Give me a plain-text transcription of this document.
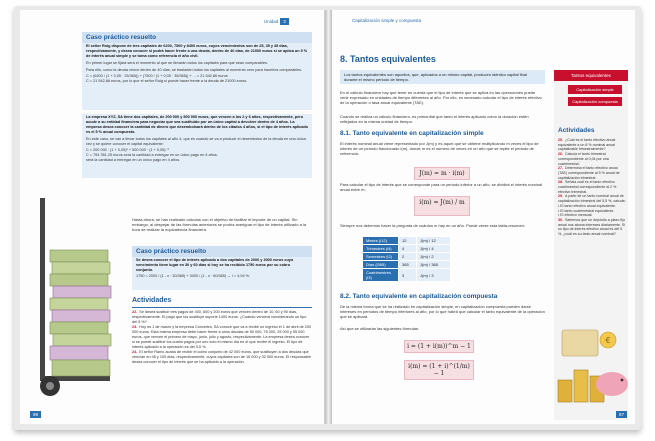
Unidad 3
Caso práctico resuelto
El señor Rolg dispone de tres capitales de 6200, 7500 y 8400 euros, cuyos vencimientos son de 25, 35 y 45 días, respectivamente, y desea conocer si podrá hacer frente a una deuda, dentro de 40 días, de 21000 euros si se aplica un 5 % de interés anual simple y se toma como referencia el año civil.
En primer lugar se fijará será el momento al que se llevarán todos los capitales para que sean comparables.
Para ello, como la deuda vence dentro de 40 días, se trasladan todos los capitales al momento cero para hacerlos comparables.
C = (6200 / (1 + 0,05 · 25/365)) + (7500 / (1 + 0,05 · 35/365)) + ... = 21 542,86 euros
C = 21 542,86 euros, por lo que el señor Roig sí puede hacer frente a la deuda de 21000 euros.
La empresa XYZ, SA tiene dos capitales, de 200 000 y 500 000 euros, que vencen a los 2 y 6 años, respectivamente, pero acude a su entidad financiera para negociar que sea sustituido por un único capital a devolver dentro de 4 años. La empresa desea conocer la cantidad de dinero que desembolsará dentro de los citados 4 años, si el tipo de interés aplicado es el 5 % anual compuesto.
En este caso, se van a llevar todos los capitales al año 4, que es cuando se va a producir el desembolso de la deuda en una única vez y se quiere conocer el capital equivalente:
C = 200 000 · (1 + 0,05)² + 500 000 · (1 + 0,05)⁻²
C = 794 351,25 euros será la cantidad a entregar en un único pago en 4 años.
será la cantidad a entregar en un único pago en 4 años.
Hasta ahora, se han realizado cálculos con el objetivo de facilitar el importe de un capital. Sin embargo, al despejar de las fórmulas anteriores se podría averiguar el tipo de interés utilizado a la hora de realizar la equivalencia financiera.
Caso práctico resuelto
Se desea conocer el tipo de interés aplicado a dos capitales de 2000 y 3000 euros cuyo vencimiento tiene lugar en 30 y 60 días si hoy se ha recibido 1750 euros por su cobro conjunto.
1750 = 2000 / (1 - x · 30/365) + 3000 / (1 - x · 60/365) → i = 4,94 %.
Actividades
22. Se desea sustituir tres pagos de 400, 600 y 200 euros que vencen dentro de 10, 60 y 90 días, respectivamente. El pago que los sustituye supone 1400 euros. ¿Cuándo vencerá considerando un tipo del 5 %?
23. Hoy es 1 de marzo y la empresa Concertra, SA conoce que va a recibir un ingreso el 1 de abril de 200 000 euros. Esta misma empresa debe hacer frente a unos deudas de 50 000, 75 000, 25 000 y 55 000 euros, que vencen el primero de mayo, junio, julio y agosto, respectivamente. La empresa desea conocer si se puede sustituir los cuatro pagos por uno solo el mismo día en el que recibe el ingreso. El tipo de interés aplicado a la operación es del 3,5 %.
24. El señor Ramo acaba de recibir el cobro conjunto de 42 000 euros, que sustituyen a dos deudas que vencían en 45 y 105 días, respectivamente, cuyos capitales son de 16 000 y 32 000 euros. El responsable desea conocer el tipo de interés que se ha aplicado a la operación.
98
Capitalización simple y compuesta
8. Tantos equivalentes
Los tantos equivalentes son aquellos, que, aplicados a un mismo capital, producen idéntico capital final durante el mismo periodo de tiempo.
En el cálculo financiero hay que tener en cuenta que el tipo de interés que se aplica en las operaciones puede venir expresado en unidades de tiempo diferentes al año. Por ello, es necesario calcular el tipo de interés efectivo de la operación o tasa anual equivalente (TAE).
Cuando se realiza un cálculo financiero, es primordial que tanto el interés aplicado como la duración estén reflejados en la misma unidad de tiempo.
8.1. Tanto equivalente en capitalización simple
El interés nominal anual viene representado por J(m) y es aquel que se obtiene multiplicando m veces el tipo de interés de un periodo fraccionado i(m), donde m es el número de veces en un año que se repite el periodo de referencia.
J(m) = m · i(m)
Para calcular el tipo de interés que se corresponde para un periodo inferior a un año, se dividirá el interés nominal anual entre m:
i(m) = J(m) / m
Siempre nos debemos hacer la pregunta de cuántos m hay en un año. Puede verse esta tabla-resumen:
Meses (i12)	12	J(m) / 12
Trimestres (i4)	4	J(m) / 4
Semestres (i2)	2	J(m) / 2
Días (i365)	365	J(m) / 365
Cuatrimestres (i3)	3	J(m) / 3
8.2. Tanto equivalente en capitalización compuesta
De la misma forma que se ha realizado en capitalización simple, en capitalización compuesta pueden darse intereses en periodos de tiempo inferiores al año, por lo que habrá que calcular el tanto equivalente de la operación que se aplicará.
Así que se utilizarán las siguientes fórmulas:
i = (1 + i(m))^m − 1
i(m) = (1 + i)^(1/m) − 1
Tantos equivalentes
Capitalización simple
Capitalización compuesta
Actividades
25. ¿Cuál es el tanto efectivo anual equivalente a un 8 % nominal anual capitalizable trimestralmente?
26. Calcula el tanto trimestral correspondiente al 0,04 por una cuatrimestral.
27. Determina el tanto efectivo anual (TAE) correspondiente al 5 % anual de capitalización trimestral.
28. Señala cuál es el tanto efectivo cuatrimestral correspondiente al 2 % efectivo trimestral.
29. A partir de un tanto nominal anual de capitalización trimestral del 5,5 %, calcula:
• El tanto efectivo anual equivalente.
• El tanto cuatrimestral equivalente.
• El efectivo mensual.
30. Sabemos que un depósito a plazo fijo anual nos abona intereses diariamente. Si su tipo de interés efectivo anual es del 5 %, ¿cuál es su tanto anual nominal?
€
97
